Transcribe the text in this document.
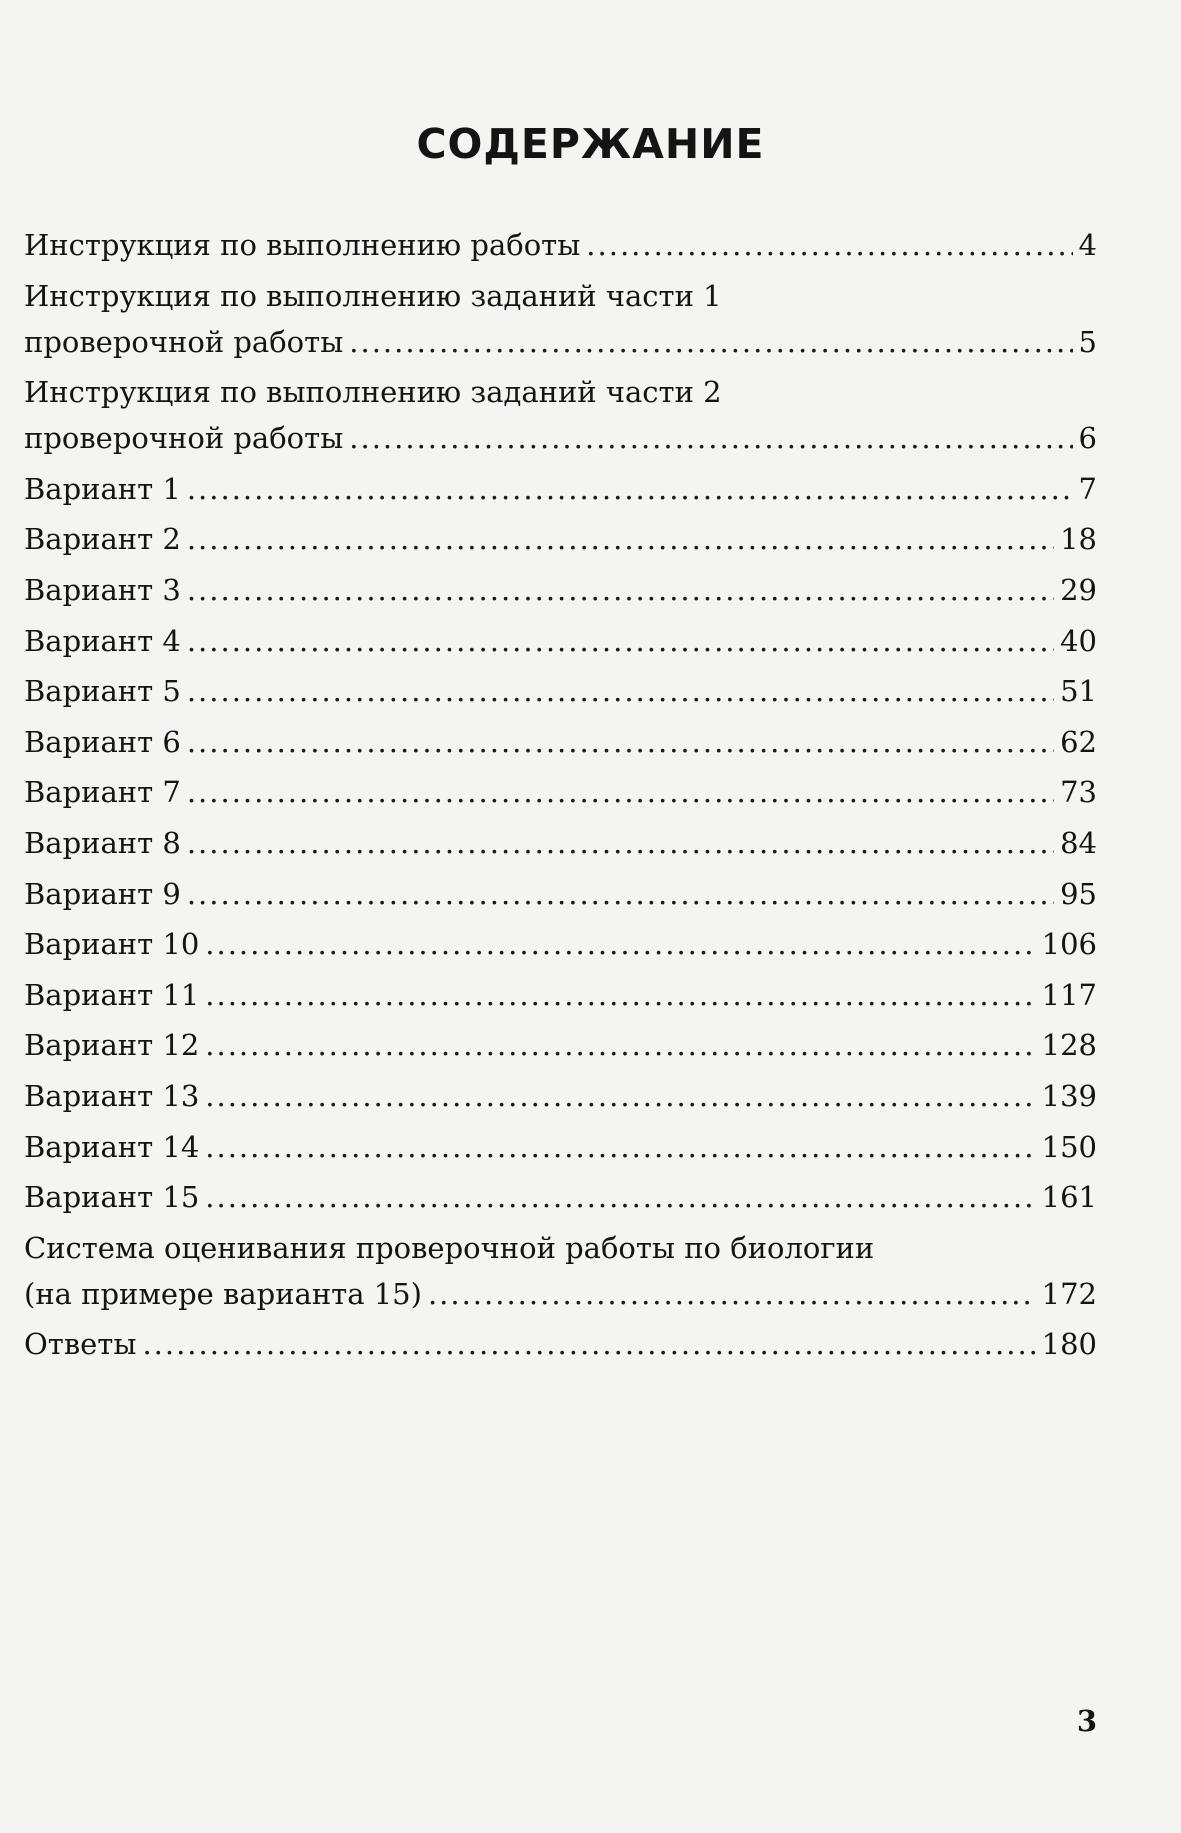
СОДЕРЖАНИЕ
Инструкция по выполнению работы .....	4
Инструкция по выполнению заданий части 1
проверочной работы .....	5
Инструкция по выполнению заданий части 2
проверочной работы .....	6
Вариант 1 .....	7
Вариант 2 .....	18
Вариант 3 .....	29
Вариант 4 .....	40
Вариант 5 .....	51
Вариант 6 .....	62
Вариант 7 .....	73
Вариант 8 .....	84
Вариант 9 .....	95
Вариант 10 .....	106
Вариант 11 .....	117
Вариант 12 .....	128
Вариант 13 .....	139
Вариант 14 .....	150
Вариант 15 .....	161
Система оценивания проверочной работы по биологии
(на примере варианта 15) .....	172
Ответы .....	180
3
